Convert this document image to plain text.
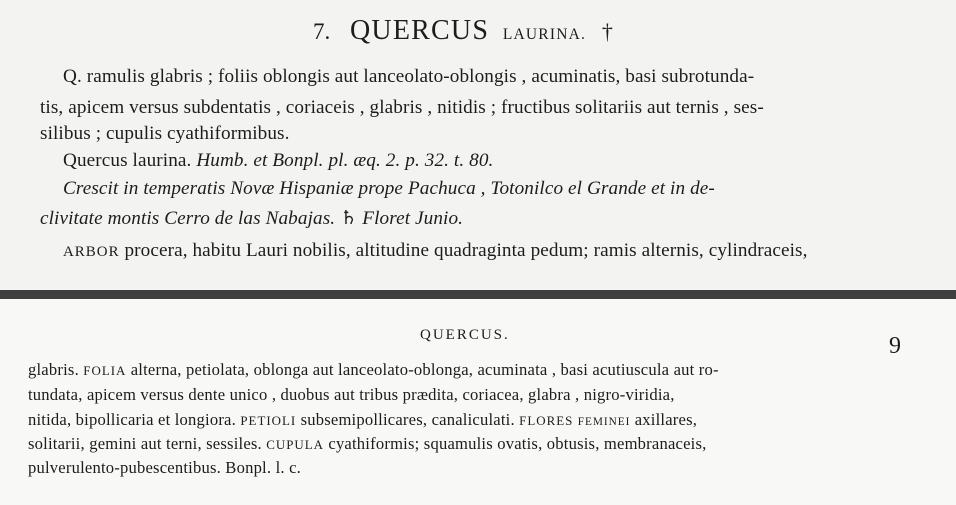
7. QUERCUS LAURINA. †
Q. ramulis glabris ; foliis oblongis aut lanceolato-oblongis , acuminatis, basi subrotunda-
tis, apicem versus subdentatis , coriaceis , glabris , nitidis ; fructibus solitariis aut ternis , ses-
silibus ; cupulis cyathiformibus.
Quercus laurina. Humb. et Bonpl. pl. æq. 2. p. 32. t. 80.
Crescit in temperatis Novæ Hispaniæ prope Pachuca , Totonilco el Grande et in de-
clivitate montis Cerro de las Nabajas. ♄ Floret Junio.
ARBOR procera, habitu Lauri nobilis, altitudine quadraginta pedum; ramis alternis, cylindraceis,
QUERCUS.	9
glabris. FOLIA alterna, petiolata, oblonga aut lanceolato-oblonga, acuminata , basi acutiuscula aut ro-
tundata, apicem versus dente unico , duobus aut tribus prædita, coriacea, glabra , nigro-viridia,
nitida, bipollicaria et longiora. PETIOLI subsemipollicares, canaliculati. FLORES FEMINEI axillares,
solitarii, gemini aut terni, sessiles. CUPULA cyathiformis; squamulis ovatis, obtusis, membranaceis,
pulverulento-pubescentibus. Bonpl. l. c.
